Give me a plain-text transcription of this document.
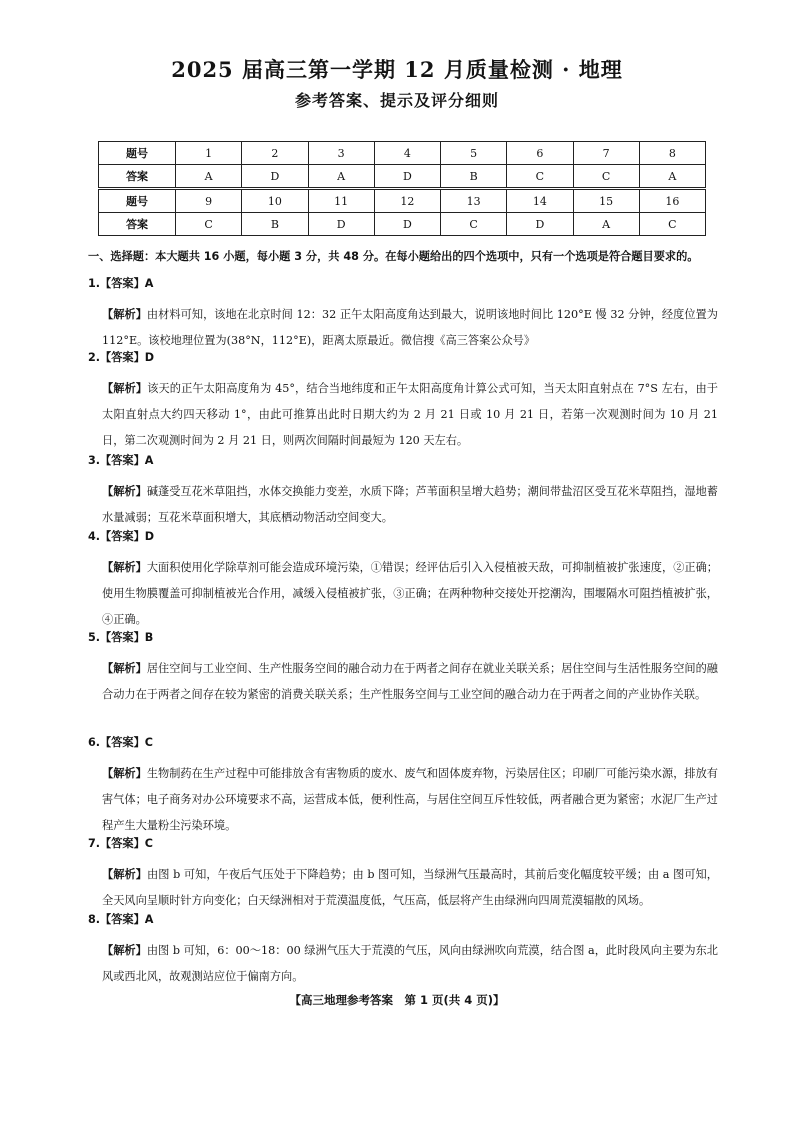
2025 届高三第一学期 12 月质量检测 · 地理
参考答案、提示及评分细则
题号	1	2	3	4	5	6	7	8
答案	A	D	A	D	B	C	C	A
题号	9	10	11	12	13	14	15	16
答案	C	B	D	D	C	D	A	C
一、选择题：本大题共 16 小题，每小题 3 分，共 48 分。在每小题给出的四个选项中，只有一个选项是符合题目要求的。
1.【答案】A
【解析】由材料可知，该地在北京时间 12：32 正午太阳高度角达到最大，说明该地时间比 120°E 慢 32 分钟，经度位置为 112°E。该校地理位置为(38°N，112°E)，距离太原最近。微信搜《高三答案公众号》
2.【答案】D
【解析】该天的正午太阳高度角为 45°，结合当地纬度和正午太阳高度角计算公式可知，当天太阳直射点在 7°S 左右，由于太阳直射点大约四天移动 1°，由此可推算出此时日期大约为 2 月 21 日或 10 月 21 日，若第一次观测时间为 10 月 21 日，第二次观测时间为 2 月 21 日，则两次间隔时间最短为 120 天左右。
3.【答案】A
【解析】碱蓬受互花米草阻挡，水体交换能力变差，水质下降；芦苇面积呈增大趋势；潮间带盐沼区受互花米草阻挡，湿地蓄水量减弱；互花米草面积增大，其底栖动物活动空间变大。
4.【答案】D
【解析】大面积使用化学除草剂可能会造成环境污染，①错误；经评估后引入入侵植被天敌，可抑制植被扩张速度，②正确；使用生物膜覆盖可抑制植被光合作用，减缓入侵植被扩张，③正确；在两种物种交接处开挖潮沟，围堰隔水可阻挡植被扩张，④正确。
5.【答案】B
【解析】居住空间与工业空间、生产性服务空间的融合动力在于两者之间存在就业关联关系；居住空间与生活性服务空间的融合动力在于两者之间存在较为紧密的消费关联关系；生产性服务空间与工业空间的融合动力在于两者之间的产业协作关联。
6.【答案】C
【解析】生物制药在生产过程中可能排放含有害物质的废水、废气和固体废弃物，污染居住区；印刷厂可能污染水源，排放有害气体；电子商务对办公环境要求不高，运营成本低，便利性高，与居住空间互斥性较低，两者融合更为紧密；水泥厂生产过程产生大量粉尘污染环境。
7.【答案】C
【解析】由图 b 可知，午夜后气压处于下降趋势；由 b 图可知，当绿洲气压最高时，其前后变化幅度较平缓；由 a 图可知，全天风向呈顺时针方向变化；白天绿洲相对于荒漠温度低，气压高，低层将产生由绿洲向四周荒漠辐散的风场。
8.【答案】A
【解析】由图 b 可知，6：00～18：00 绿洲气压大于荒漠的气压，风向由绿洲吹向荒漠，结合图 a，此时段风向主要为东北风或西北风，故观测站应位于偏南方向。
【高三地理参考答案　第 1 页(共 4 页)】
